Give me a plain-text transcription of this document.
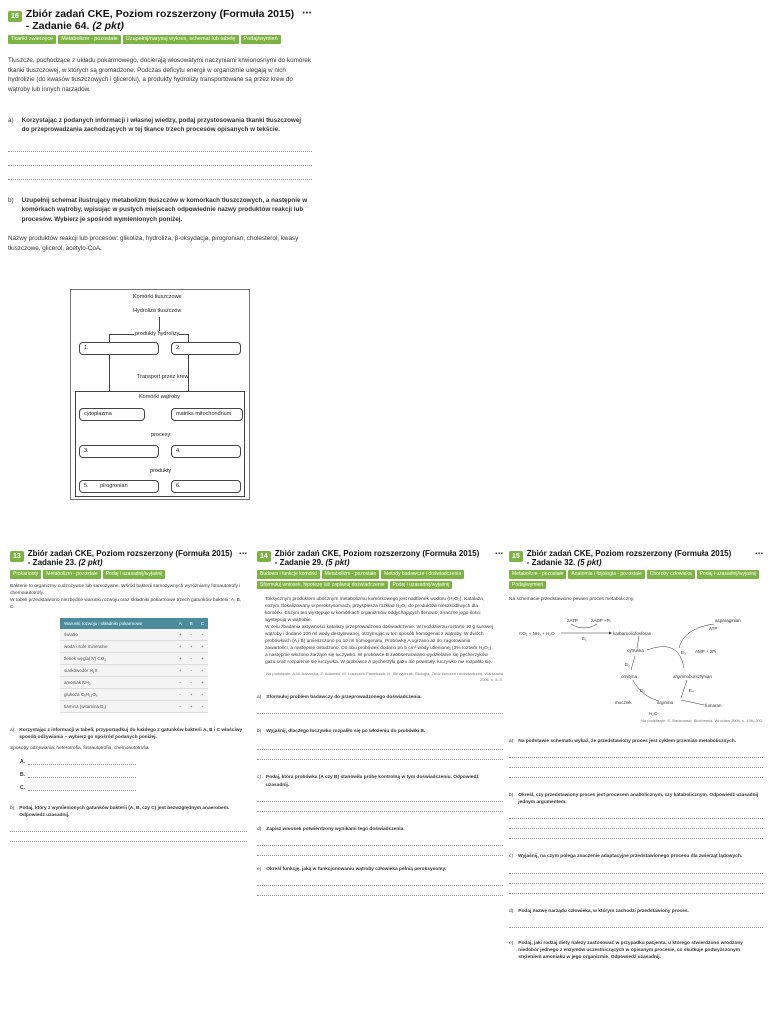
16 Zbiór zadań CKE, Poziom rozszerzony (Formuła 2015)
- Zadanie 64. (2 pkt)
⋯
Tkanki zwierzęce	Metabolizm - pozostałe	Uzupełnij/narysuj wykres, schemat lub tabelę	Podaj/wymień
Tłuszcze, pochodzące z układu pokarmowego, docierają włosowatymi naczyniami krwionośnymi do komórek tkanki tłuszczowej, w których są gromadzone. Podczas deficytu energii w organizmie ulegają w nich hydrolizie (do kwasów tłuszczowych i glicerolu), a produkty hydrolizy transportowane są przez krew do wątroby lub innych narządów.
a) Korzystając z podanych informacji i własnej wiedzy, podaj przystosowania tkanki tłuszczowej do przeprowadzania zachodzących w tej tkance trzech procesów opisanych w tekście.
b) Uzupełnij schemat ilustrujący metabolizm tłuszczów w komórkach tłuszczowych, a następnie w komórkach wątroby, wpisując w pustych miejscach odpowiednie nazwy produktów reakcji lub procesów. Wybierz je spośród wymienionych poniżej.
Nazwy produktów reakcji lub procesów: glikoliza, hydroliza, β-oksydacja, pirogronian, cholesterol, kwasy tłuszczowe, glicerol, acetylo-CoA.
Komórki tłuszczowe
Hydroliza tłuszczów
produkty hydrolizy
1.	2.
Transport przez krew
Komórki wątroby
cytoplazma	matriks mitochondrium
procesy
3.	4.
produkty
5. pirogronian	6.
13 Zbiór zadań CKE, Poziom rozszerzony (Formuła 2015)
- Zadanie 23. (2 pkt)
⋯
Prokarionty	Metabolizm - pozostałe	Podaj i uzasadnij/wyjaśnij
Bakterie to organizmy cudzożywne lub samożywne. Wśród bakterii samożywnych wyróżniamy fotoautotrofy i chemoautotrofy.
W tabeli przedstawiono niezbędne warunki rozwoju oraz składniki pokarmowe trzech gatunków bakterii: A, B, C.
Warunki rozwoju i składniki pokarmowe	A	B	C
światło	+	-	-
woda i sole mineralne	+	+	+
tlenek węgla(IV) CO₂	+	-	+
siarkowodór H₂S	+	-	-
amoniak NH₃	-	-	+
glukoza C₆H₁₂O₆	-	+	-
tiamina (witamina B₁)	-	+	-
a) Korzystając z informacji w tabeli, przyporządkuj do każdego z gatunków bakterii A, B i C właściwy sposób odżywiania – wybierz go spośród podanych poniżej.
Sposoby odżywiania: heterotrofia, fotoautotrofia, chemoautotrofia.
A.
B.
C.
b) Podaj, który z wymienionych gatunków bakterii (A, B, czy C) jest bezwzględnym anaerobem. Odpowiedź uzasadnij.
14 Zbiór zadań CKE, Poziom rozszerzony (Formuła 2015)
- Zadanie 29. (5 pkt)
⋯
Budowa i funkcje komórki	Metabolizm - pozostałe	Metody badawcze i doświadczenia
Sformułuj wniosek, hipotezę lub zaplanuj doświadczenie	Podaj i uzasadnij/wyjaśnij
Toksycznym produktem ubocznym metabolizmu komórkowego jest nadtlenek wodoru (H₂O₂). Katalaza, enzym zlokalizowany w peroksysomach, przyspiesza rozkład H₂O₂ do produktów nieszkodliwych dla komórki. Enzym ten występuje w komórkach organizmów oddychających tlenowo, znaczne jego ilości występują w wątrobie.
W celu zbadania aktywności katalazy przeprowadzono doświadczenie. W moździerzu roztarto 10 g surowej wątroby i dodano 100 ml wody destylowanej, otrzymując w ten sposób homogenat z wątroby. W dwóch probówkach (A i B) umieszczono po 10 ml homogenatu. Probówkę A ogrzano aż do zagotowania zawartości, a następnie ostudzono. Do obu probówek dodano po 5 cm³ wody utlenionej (3% roztwór H₂O₂), a następnie włożono żarzące się łuczywko. W probówce B zaobserwowano wydzielanie się pęcherzyków gazu oraz rozpalenie się łuczywka. W probówce A pęcherzyki gazu nie powstały, łuczywko nie rozpaliło się.
Na podstawie: A.M. Adamska, Z. Adamski, M. Łuszczek-Pawełczuk, H. Skrzypczak, Biologia. Zbiór ćwiczeń i doświadczeń, Warszawa 2006, s. 8–9.
a) Sformułuj problem badawczy do przeprowadzonego doświadczenia.
b) Wyjaśnij, dlaczego łuczywko rozpaliło się po włożeniu do probówki B.
c) Podaj, która probówka (A czy B) stanowiła próbę kontrolną w tym doświadczeniu. Odpowiedź uzasadnij.
d) Zapisz wniosek potwierdzony wynikami tego doświadczenia.
e) Określ funkcję, jaką w funkcjonowaniu wątroby człowieka pełnią peroksysomy.
15 Zbiór zadań CKE, Poziom rozszerzony (Formuła 2015)
- Zadanie 32. (5 pkt)
⋯
Metabolizm - pozostałe	Anatomia i fizjologia - pozostałe	Choroby człowieka	Podaj i uzasadnij/wyjaśnij
Podaj/wymień
Na schemacie przedstawiono pewien proces metaboliczny.
2ATP	2ADP +Pi
CO₂ + NH₃ + H₂O
E₁
karbamoilofosforan
cytrulina
asparaginian
ATP
E₃ AMP + 2Pi
E₂
ornityna	argininobursztynian
E₄
E₅
mocznik	arginina
fumaran
H₂O
Na podstawie: E. Bańkowski, Biochemia, Wrocław 2006, s. 196–200.
a) Na podstawie schematu wykaż, że przedstawiony proces jest cyklem przemian metabolicznych.
b) Określ, czy przedstawiony proces jest procesem anabolicznym, czy katabolicznym. Odpowiedź uzasadnij jednym argumentem.
c) Wyjaśnij, na czym polega znaczenie adaptacyjne przedstawionego procesu dla zwierząt lądowych.
d) Podaj nazwę narządu człowieka, w którym zachodzi przedstawiony proces.
e) Podaj, jaki rodzaj diety należy zastosować w przypadku pacjenta, u którego stwierdzono wrodzony niedobór jednego z enzymów uczestniczących w opisanym procesie, co skutkuje podwyższonym stężeniem amoniaku w jego organizmie. Odpowiedź uzasadnij.
